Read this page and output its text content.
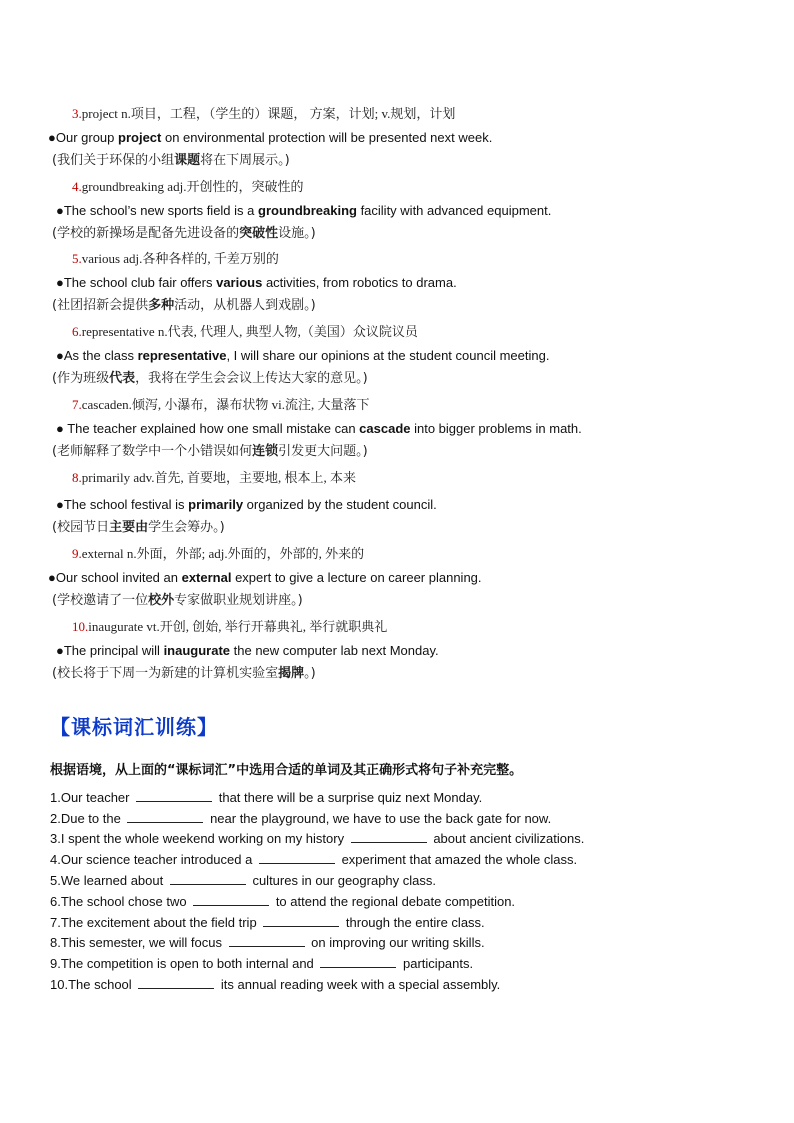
3.project n.项目，工程，（学生的）课题， 方案，计划; v.规划，计划
●Our group project on environmental protection will be presented next week.
(我们关于环保的小组课题将在下周展示。)
4.groundbreaking adj.开创性的，突破性的
●The school’s new sports field is a groundbreaking facility with advanced equipment.
(学校的新操场是配备先进设备的突破性设施。)
5.various adj.各种各样的, 千差万别的
●The school club fair offers various activities, from robotics to drama.
(社团招新会提供多种活动，从机器人到戏剧。)
6.representative n.代表, 代理人, 典型人物,（美国）众议院议员
●As the class representative, I will share our opinions at the student council meeting.
(作为班级代表，我将在学生会会议上传达大家的意见。)
7.cascaden.倾泻, 小瀑布，瀑布状物 vi.流注, 大量落下
● The teacher explained how one small mistake can cascade into bigger problems in math.
(老师解释了数学中一个小错误如何连锁引发更大问题。)
8.primarily adv.首先, 首要地，主要地, 根本上, 本来
●The school festival is primarily organized by the student council.
(校园节日主要由学生会筹办。)
9.external n.外面，外部; adj.外面的，外部的, 外来的
●Our school invited an external expert to give a lecture on career planning.
(学校邀请了一位校外专家做职业规划讲座。)
10.inaugurate vt.开创, 创始, 举行开幕典礼, 举行就职典礼
●The principal will inaugurate the new computer lab next Monday.
(校长将于下周一为新建的计算机实验室揭牌。)
【课标词汇训练】
根据语境，从上面的“课标词汇”中选用合适的单词及其正确形式将句子补充完整。
1.Our teacher	that there will be a surprise quiz next Monday.
2.Due to the	near the playground, we have to use the back gate for now.
3.I spent the whole weekend working on my history	about ancient civilizations.
4.Our science teacher introduced a	experiment that amazed the whole class.
5.We learned about	cultures in our geography class.
6.The school chose two	to attend the regional debate competition.
7.The excitement about the field trip	through the entire class.
8.This semester, we will focus	on improving our writing skills.
9.The competition is open to both internal and	participants.
10.The school	its annual reading week with a special assembly.
